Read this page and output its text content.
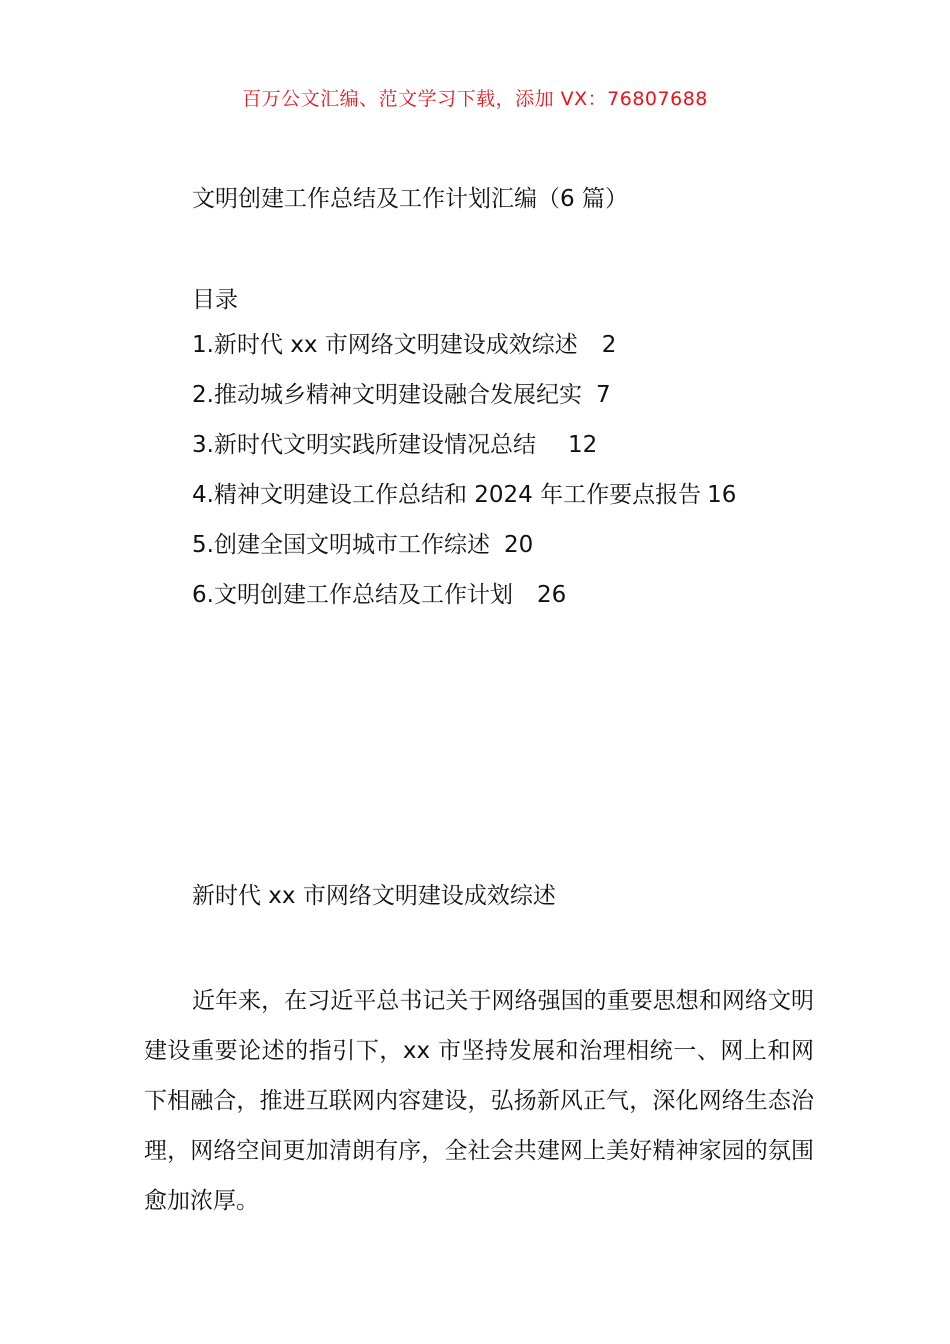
百万公文汇编、范文学习下载，添加 VX：76807688
文明创建工作总结及工作计划汇编（6 篇）
目录
1.新时代 xx 市网络文明建设成效综述 2
2.推动城乡精神文明建设融合发展纪实 7
3.新时代文明实践所建设情况总结 12
4.精神文明建设工作总结和 2024 年工作要点报告 16
5.创建全国文明城市工作综述 20
6.文明创建工作总结及工作计划 26
新时代 xx 市网络文明建设成效综述

近年来，在习近平总书记关于网络强国的重要思想和网络文明建设重要论述的指引下，xx 市坚持发展和治理相统一、网上和网下相融合，推进互联网内容建设，弘扬新风正气，深化网络生态治理，网络空间更加清朗有序，全社会共建网上美好精神家园的氛围愈加浓厚。
